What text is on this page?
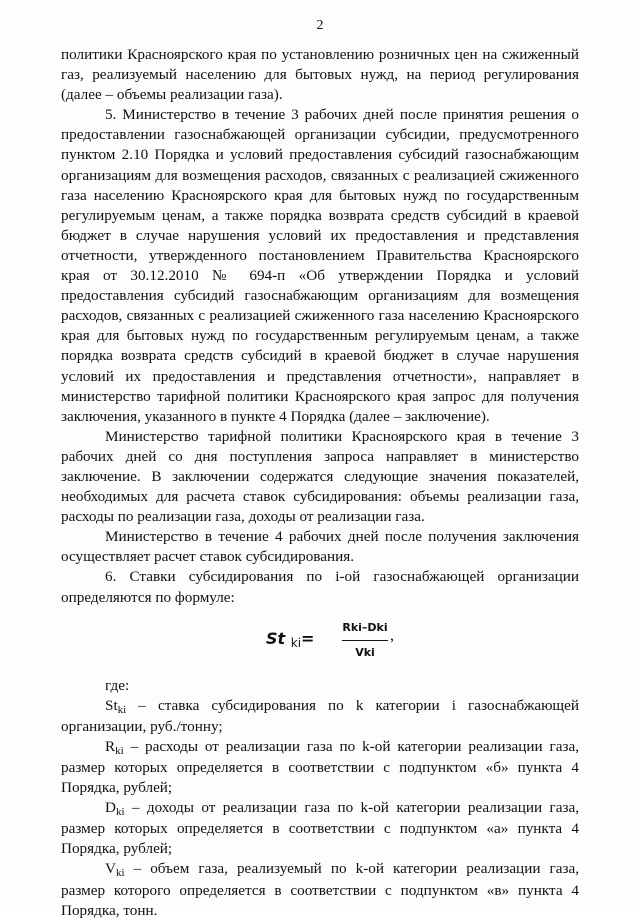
2

политики Красноярского края по установлению розничных цен на сжиженный газ, реализуемый населению для бытовых нужд, на период регулирования (далее – объемы реализации газа).

5. Министерство в течение 3 рабочих дней после принятия решения о предоставлении газоснабжающей организации субсидии, предусмотренного пунктом 2.10 Порядка и условий предоставления субсидий газоснабжающим организациям для возмещения расходов, связанных с реализацией сжиженного газа населению Красноярского края для бытовых нужд по государственным регулируемым ценам, а также порядка возврата средств субсидий в краевой бюджет в случае нарушения условий их предоставления и представления отчетности, утвержденного постановлением Правительства Красноярского края от 30.12.2010 № 694-п «Об утверждении Порядка и условий предоставления субсидий газоснабжающим организациям для возмещения расходов, связанных с реализацией сжиженного газа населению Красноярского края для бытовых нужд по государственным регулируемым ценам, а также порядка возврата средств субсидий в краевой бюджет в случае нарушения условий их предоставления и представления отчетности», направляет в министерство тарифной политики Красноярского края запрос для получения заключения, указанного в пункте 4 Порядка (далее – заключение).

Министерство тарифной политики Красноярского края в течение 3 рабочих дней со дня поступления запроса направляет в министерство заключение. В заключении содержатся следующие значения показателей, необходимых для расчета ставок субсидирования: объемы реализации газа, расходы по реализации газа, доходы от реализации газа.

Министерство в течение 4 рабочих дней после получения заключения осуществляет расчет ставок субсидирования.

6. Ставки субсидирования по i-ой газоснабжающей организации определяются по формуле:

St ki=
Rki–Dki
Vki
,

где:

Stki – ставка субсидирования по k категории i газоснабжающей организации, руб./тонну;

Rki – расходы от реализации газа по k-ой категории реализации газа, размер которых определяется в соответствии с подпунктом «б» пункта 4 Порядка, рублей;

Dki – доходы от реализации газа по k-ой категории реализации газа, размер которых определяется в соответствии с подпунктом «а» пункта 4 Порядка, рублей;

Vki – объем газа, реализуемый по k-ой категории реализации газа, размер которого определяется в соответствии с подпунктом «в» пункта 4 Порядка, тонн.
